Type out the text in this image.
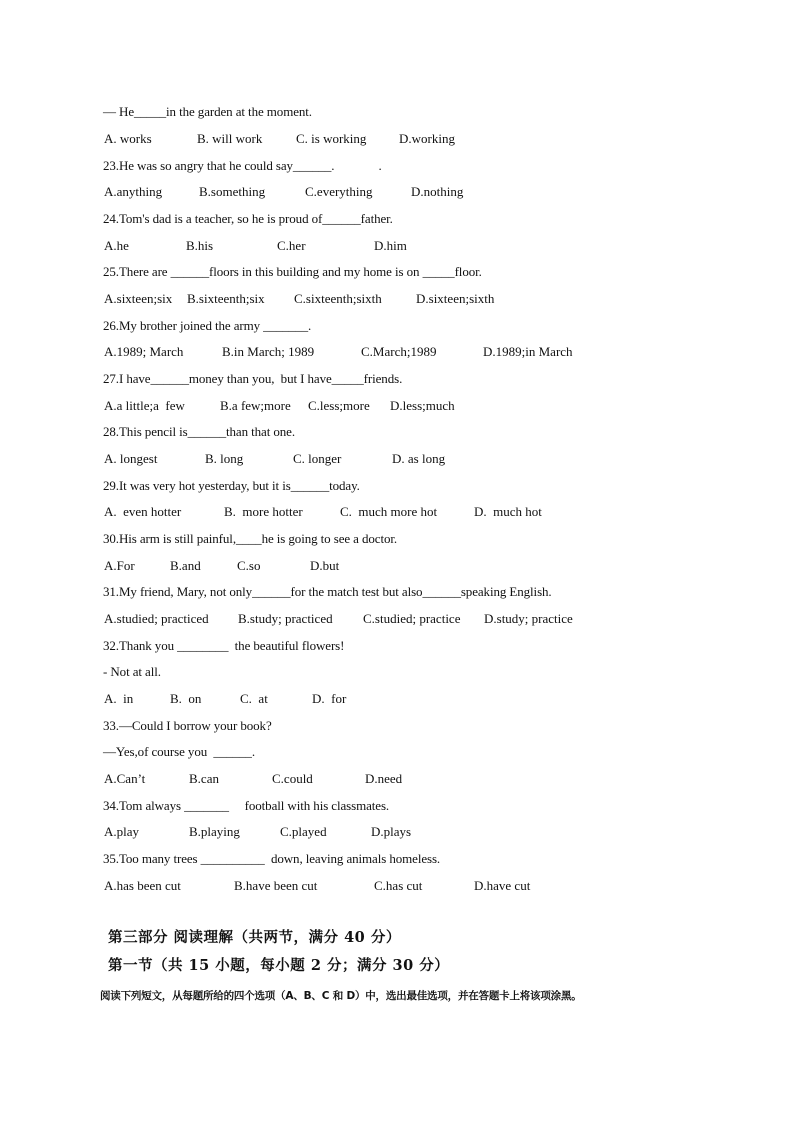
— He_____in the garden at the moment.
A. works	B. will work	C. is working	D.working
23.He was so angry that he could say______.              .
A.anything	B.something	C.everything	D.nothing
24.Tom's dad is a teacher, so he is proud of______father.
A.he	B.his	C.her	D.him
25.There are ______floors in this building and my home is on _____floor.
A.sixteen;six B.sixteenth;six C.sixteenth;sixth	D.sixteen;sixth
26.My brother joined the army _______.
A.1989; March	B.in March; 1989	C.March;1989	D.1989;in March
27.I have______money than you,  but I have_____friends.
A.a little;a  few	B.a few;more C.less;more D.less;much
28.This pencil is______than that one.
A. longest	B. long	C. longer	D. as long
29.It was very hot yesterday, but it is______today.
A.  even hotter	B.  more hotter	C.  much more hot	D.  much hot
30.His arm is still painful,____he is going to see a doctor.
A.For	B.and	C.so	D.but
31.My friend, Mary, not only______for the match test but also______speaking English.
A.studied; practiced B.study; practiced C.studied; practice D.study; practice
32.Thank you ________  the beautiful flowers!
- Not at all.
A.  in	B.  on	C.  at	D.  for
33.—Could I borrow your book?
—Yes,of course you  ______.
A.Can’t	B.can	C.could	D.need
34.Tom always _______     football with his classmates.
A.play	B.playing	C.played	D.plays
35.Too many trees __________  down, leaving animals homeless.
A.has been cut	B.have been cut	C.has cut	D.have cut
第三部分 阅读理解（共两节，满分 40 分）
第一节（共 15 小题，每小题 2 分；满分 30 分）
阅读下列短文，从每题所给的四个选项（A、B、C 和 D）中，选出最佳选项，并在答题卡上将该项涂黑。
